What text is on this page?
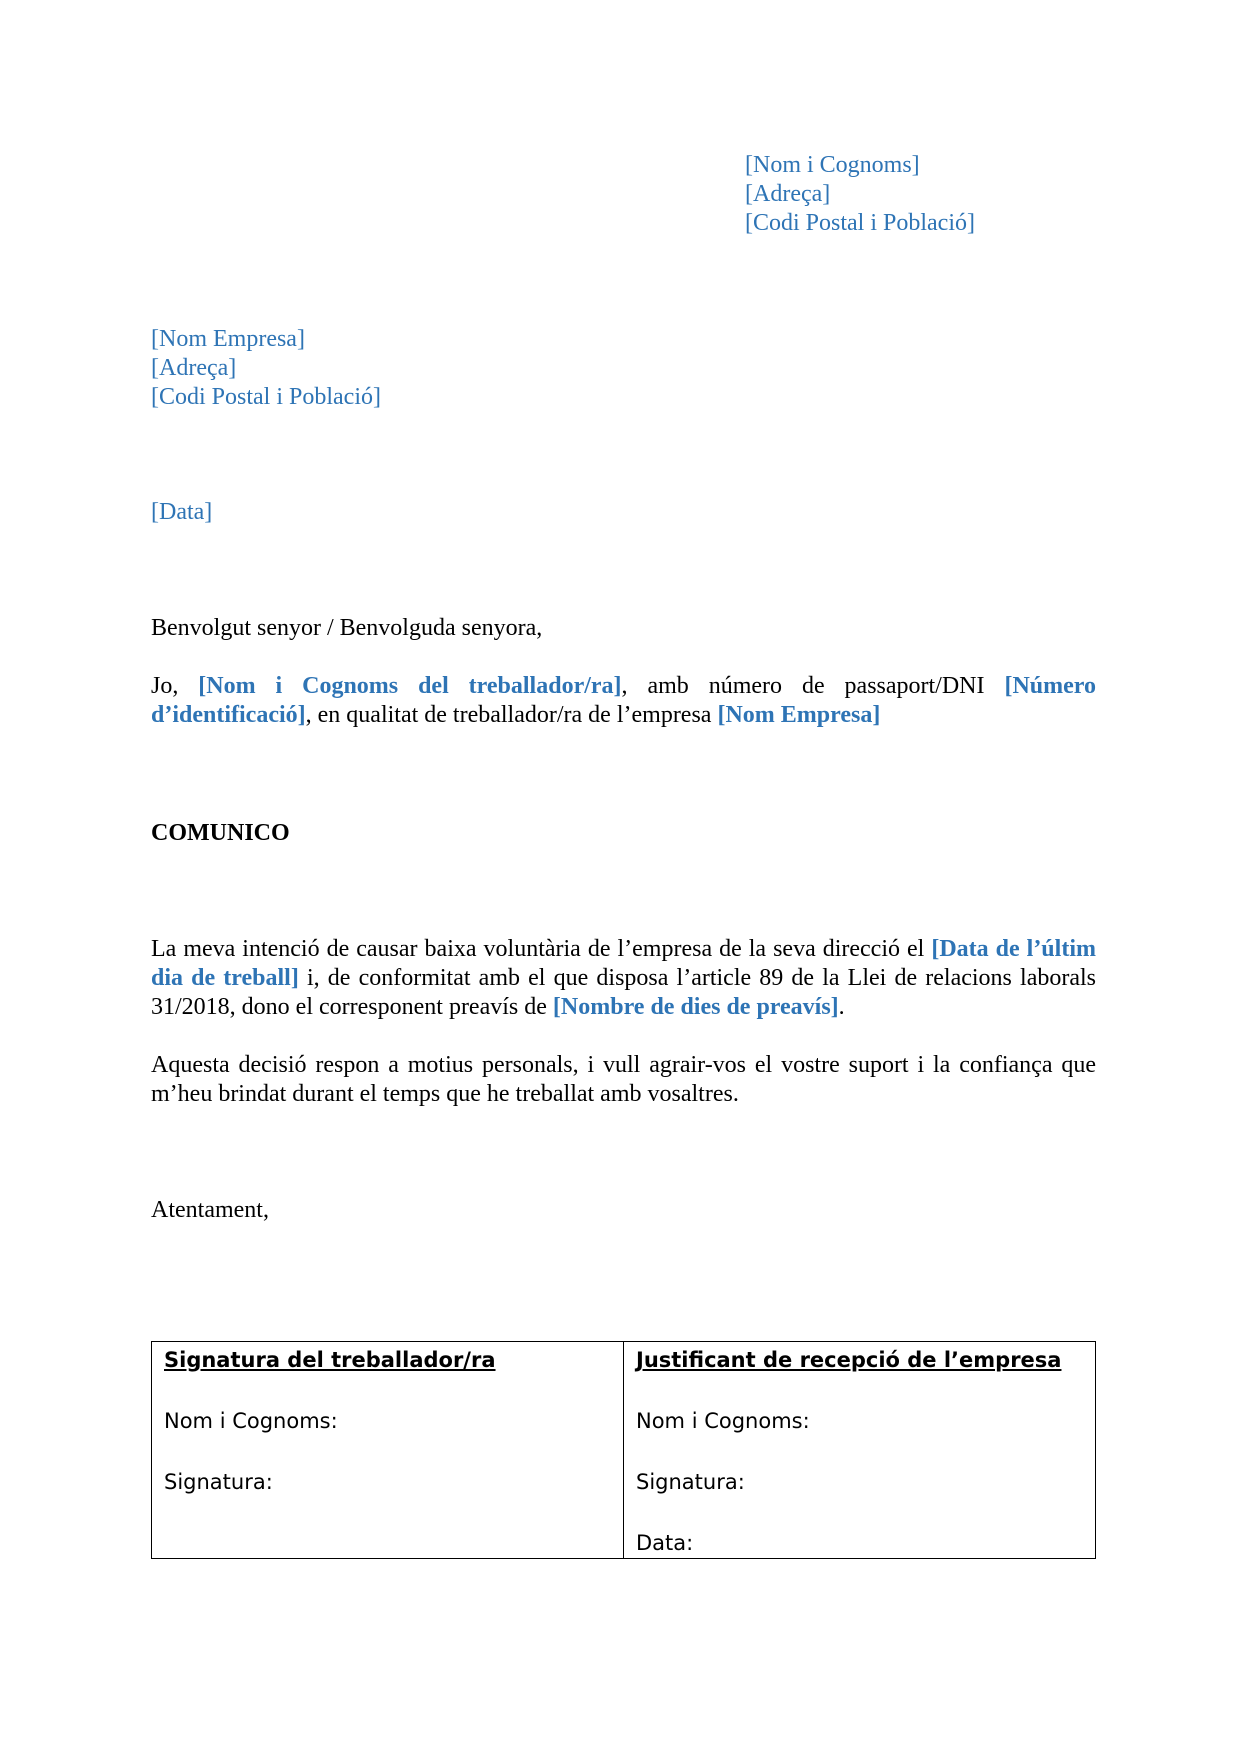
[Nom i Cognoms]
[Adreça]
[Codi Postal i Població]
[Nom Empresa]
[Adreça]
[Codi Postal i Població]
[Data]
Benvolgut senyor / Benvolguda senyora,

Jo, [Nom i Cognoms del treballador/ra], amb número de passaport/DNI [Número d’identificació], en qualitat de treballador/ra de l’empresa [Nom Empresa]

COMUNICO

La meva intenció de causar baixa voluntària de l’empresa de la seva direcció el [Data de l’últim dia de treball] i, de conformitat amb el que disposa l’article 89 de la Llei de relacions laborals 31/2018, dono el corresponent preavís de [Nombre de dies de preavís].

Aquesta decisió respon a motius personals, i vull agrair-vos el vostre suport i la confiança que m’heu brindat durant el temps que he treballat amb vosaltres.
Atentament,
Signatura del treballador/ra
Nom i Cognoms:
Signatura:

Justificant de recepció de l’empresa
Nom i Cognoms:
Signatura:
Data:
